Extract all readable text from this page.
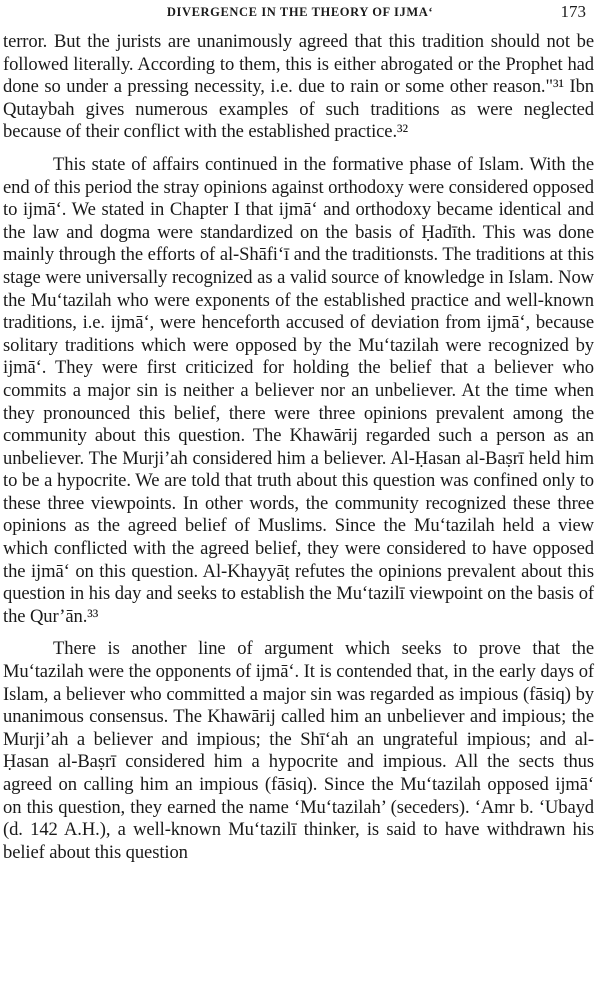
DIVERGENCE IN THE THEORY OF IJMA‘	173

terror. But the jurists are unanimously agreed that this tradition should not be followed literally. According to them, this is either abrogated or the Prophet had done so under a pressing necessity, i.e. due to rain or some other reason."³¹ Ibn Qutaybah gives numerous examples of such traditions as were neglected because of their conflict with the established practice.³²

This state of affairs continued in the formative phase of Islam. With the end of this period the stray opinions against orthodoxy were considered opposed to ijmā‘. We stated in Chapter I that ijmā‘ and orthodoxy became identical and the law and dogma were standardized on the basis of Ḥadīth. This was done mainly through the efforts of al-Shāfi‘ī and the traditionsts. The traditions at this stage were universally recognized as a valid source of knowledge in Islam. Now the Mu‘tazilah who were exponents of the established practice and well-known traditions, i.e. ijmā‘, were henceforth accused of deviation from ijmā‘, because solitary traditions which were opposed by the Mu‘tazilah were recognized by ijmā‘. They were first criticized for holding the belief that a believer who commits a major sin is neither a believer nor an unbeliever. At the time when they pronounced this belief, there were three opinions prevalent among the community about this question. The Khawārij regarded such a person as an unbeliever. The Murji’ah considered him a believer. Al-Ḥasan al-Baṣrī held him to be a hypocrite. We are told that truth about this question was confined only to these three viewpoints. In other words, the community recognized these three opinions as the agreed belief of Muslims. Since the Mu‘tazilah held a view which conflicted with the agreed belief, they were considered to have opposed the ijmā‘ on this question. Al-Khayyāṭ refutes the opinions prevalent about this question in his day and seeks to establish the Mu‘tazilī viewpoint on the basis of the Qur’ān.³³

There is another line of argument which seeks to prove that the Mu‘tazilah were the opponents of ijmā‘. It is contended that, in the early days of Islam, a believer who committed a major sin was regarded as impious (fāsiq) by unanimous consensus. The Khawārij called him an unbeliever and impious; the Murji’ah a believer and impious; the Shī‘ah an ungrateful impious; and al-Ḥasan al-Baṣrī considered him a hypocrite and impious. All the sects thus agreed on calling him an impious (fāsiq). Since the Mu‘tazilah opposed ijmā‘ on this question, they earned the name ‘Mu‘tazilah’ (seceders). ‘Amr b. ‘Ubayd (d. 142 A.H.), a well-known Mu‘tazilī thinker, is said to have withdrawn his belief about this question
